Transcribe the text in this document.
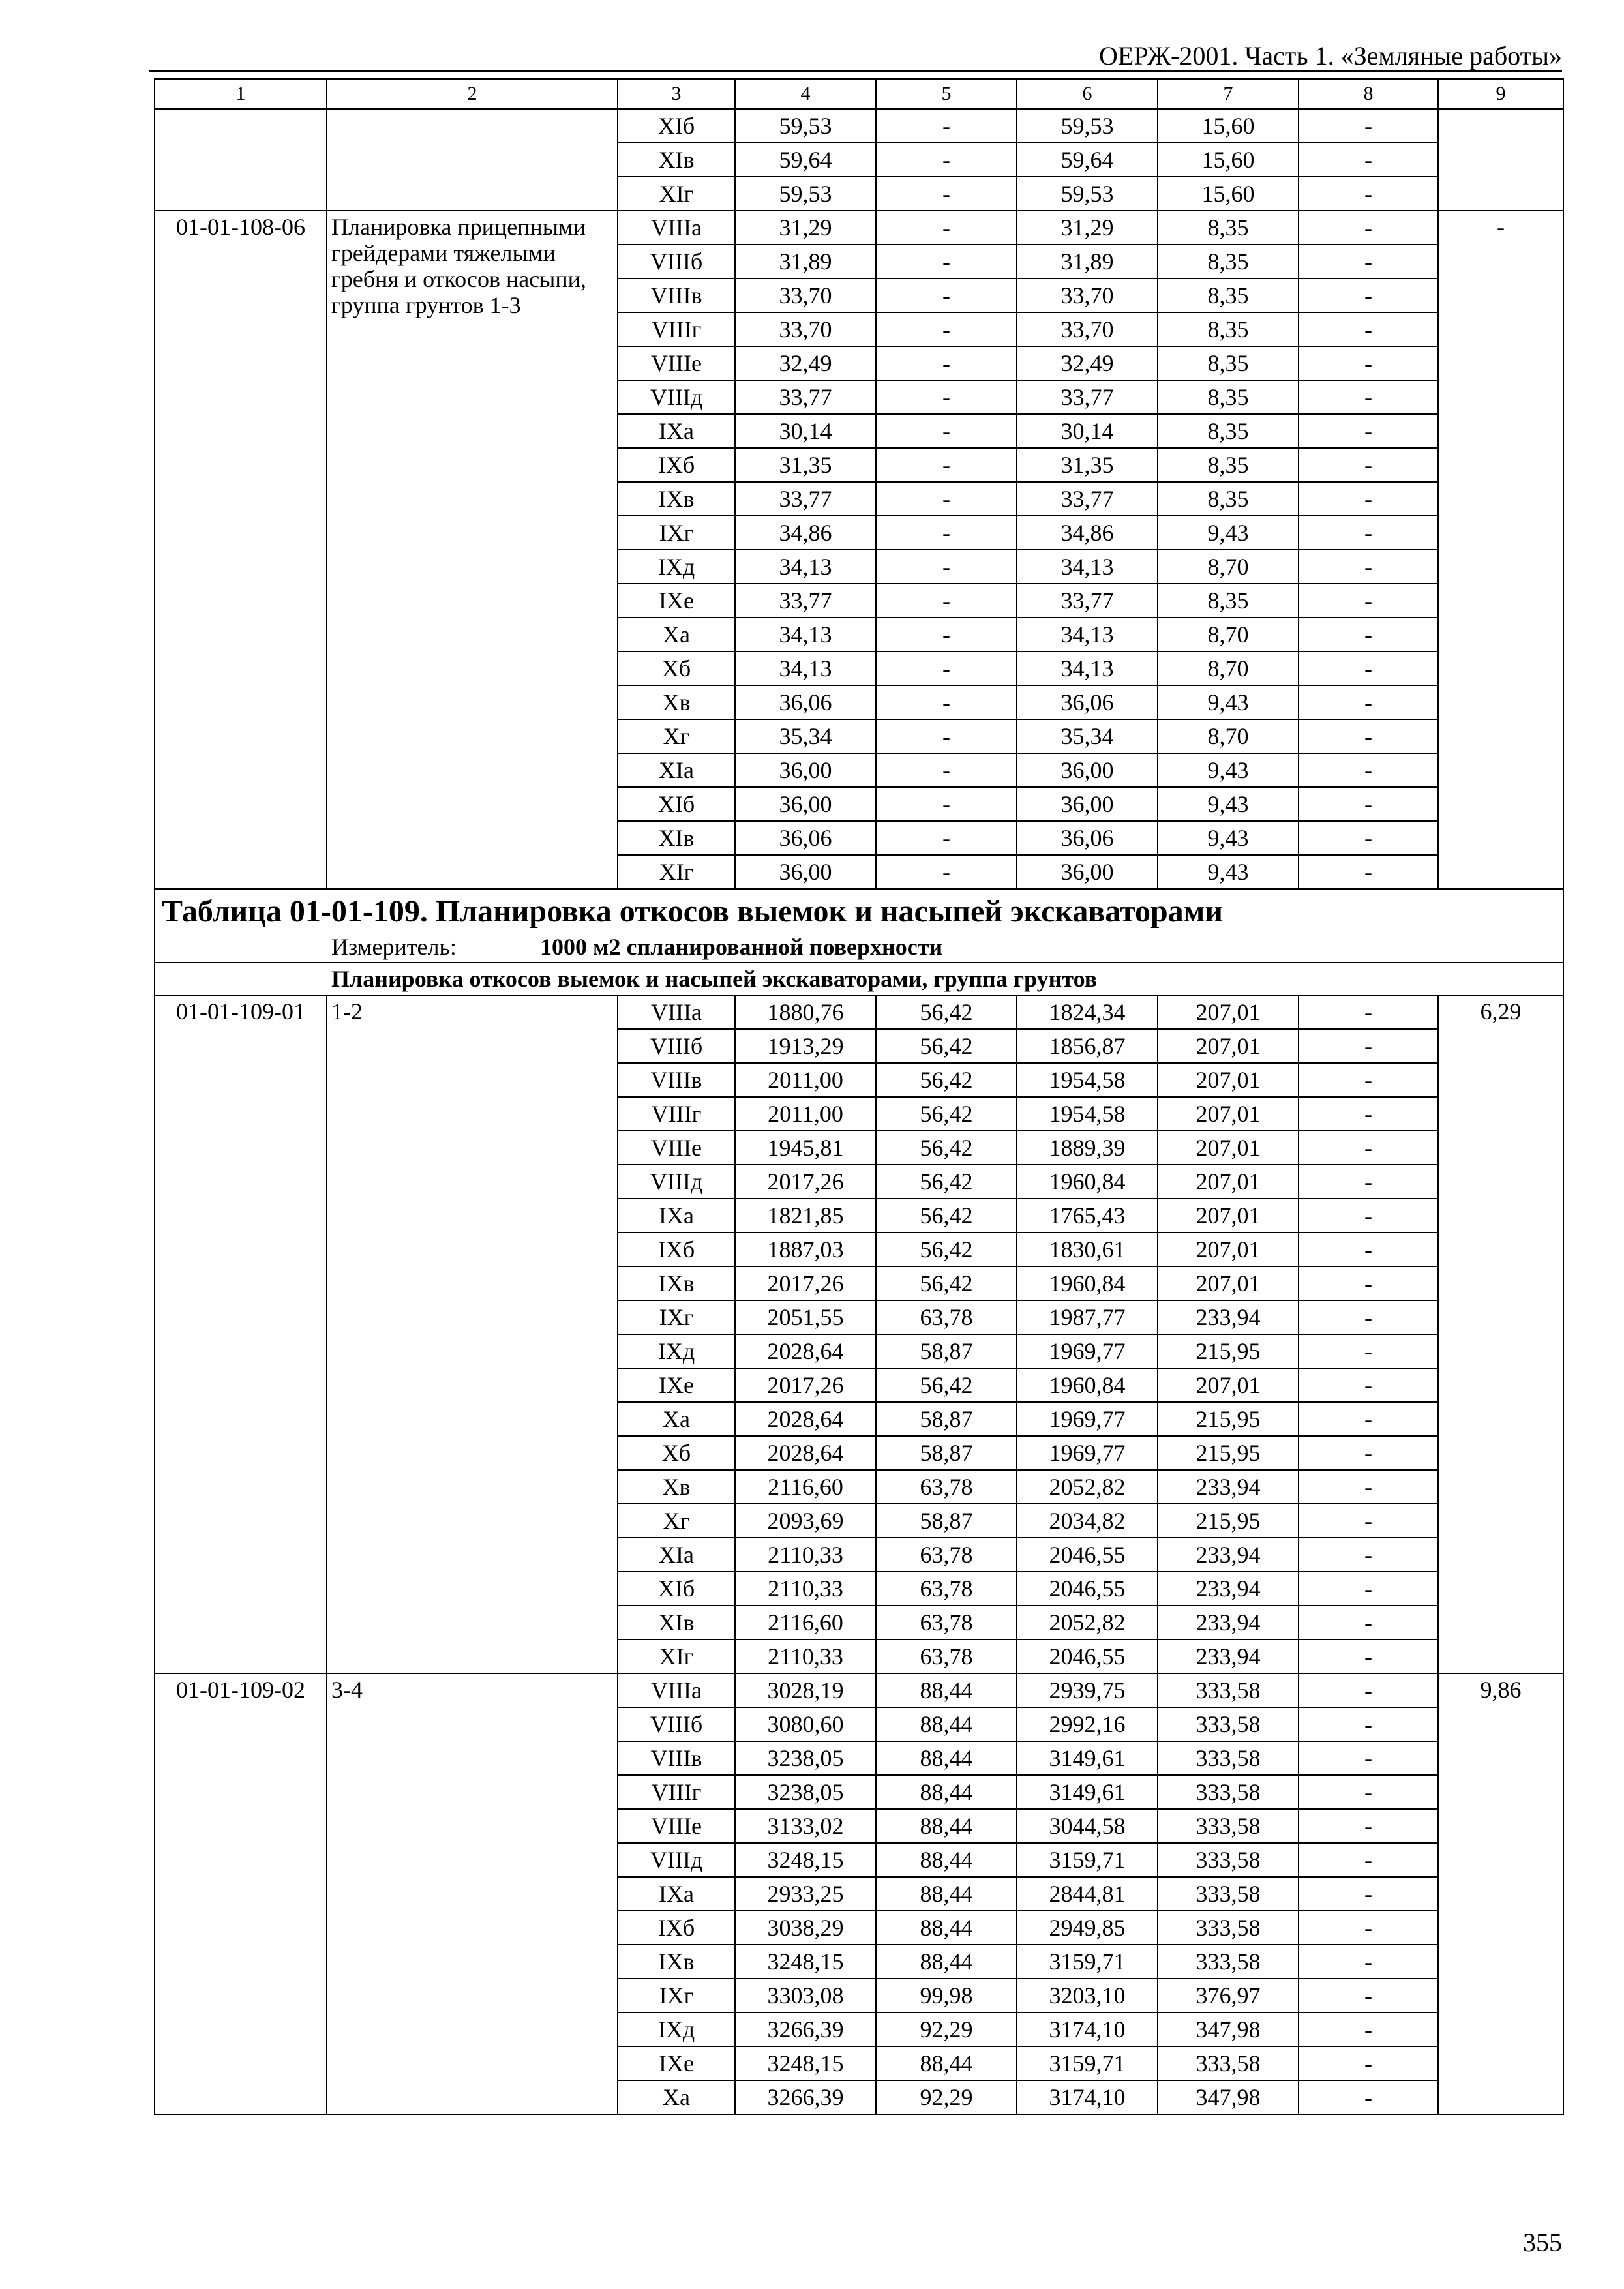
ОЕРЖ-2001. Часть 1. «Земляные работы»
1	2	3	4	5	6	7	8	9
		XIб	59,53	-	59,53	15,60	-	
		XIв	59,64	-	59,64	15,60	-	
		XIг	59,53	-	59,53	15,60	-	
01-01-108-06	Планировка прицепными грейдерами тяжелыми гребня и откосов насыпи, группа грунтов 1-3	VIIIа	31,29	-	31,29	8,35	-	-
		VIIIб	31,89	-	31,89	8,35	-	
		VIIIв	33,70	-	33,70	8,35	-	
		VIIIг	33,70	-	33,70	8,35	-	
		VIIIе	32,49	-	32,49	8,35	-	
		VIIIд	33,77	-	33,77	8,35	-	
		IXа	30,14	-	30,14	8,35	-	
		IXб	31,35	-	31,35	8,35	-	
		IXв	33,77	-	33,77	8,35	-	
		IXг	34,86	-	34,86	9,43	-	
		IXд	34,13	-	34,13	8,70	-	
		IXе	33,77	-	33,77	8,35	-	
		Xа	34,13	-	34,13	8,70	-	
		Xб	34,13	-	34,13	8,70	-	
		Xв	36,06	-	36,06	9,43	-	
		Xг	35,34	-	35,34	8,70	-	
		XIа	36,00	-	36,00	9,43	-	
		XIб	36,00	-	36,00	9,43	-	
		XIв	36,06	-	36,06	9,43	-	
		XIг	36,00	-	36,00	9,43	-	

Таблица 01-01-109. Планировка откосов выемок и насыпей экскаваторами
Измеритель: 1000 м2 спланированной поверхности								

Планировка откосов выемок и насыпей экскаваторами, группа грунтов								
01-01-109-01	1-2	VIIIа	1880,76	56,42	1824,34	207,01	-	6,29
		VIIIб	1913,29	56,42	1856,87	207,01	-	
		VIIIв	2011,00	56,42	1954,58	207,01	-	
		VIIIг	2011,00	56,42	1954,58	207,01	-	
		VIIIе	1945,81	56,42	1889,39	207,01	-	
		VIIIд	2017,26	56,42	1960,84	207,01	-	
		IXа	1821,85	56,42	1765,43	207,01	-	
		IXб	1887,03	56,42	1830,61	207,01	-	
		IXв	2017,26	56,42	1960,84	207,01	-	
		IXг	2051,55	63,78	1987,77	233,94	-	
		IXд	2028,64	58,87	1969,77	215,95	-	
		IXе	2017,26	56,42	1960,84	207,01	-	
		Xа	2028,64	58,87	1969,77	215,95	-	
		Xб	2028,64	58,87	1969,77	215,95	-	
		Xв	2116,60	63,78	2052,82	233,94	-	
		Xг	2093,69	58,87	2034,82	215,95	-	
		XIа	2110,33	63,78	2046,55	233,94	-	
		XIб	2110,33	63,78	2046,55	233,94	-	
		XIв	2116,60	63,78	2052,82	233,94	-	
		XIг	2110,33	63,78	2046,55	233,94	-	
01-01-109-02	3-4	VIIIа	3028,19	88,44	2939,75	333,58	-	9,86
		VIIIб	3080,60	88,44	2992,16	333,58	-	
		VIIIв	3238,05	88,44	3149,61	333,58	-	
		VIIIг	3238,05	88,44	3149,61	333,58	-	
		VIIIе	3133,02	88,44	3044,58	333,58	-	
		VIIIд	3248,15	88,44	3159,71	333,58	-	
		IXа	2933,25	88,44	2844,81	333,58	-	
		IXб	3038,29	88,44	2949,85	333,58	-	
		IXв	3248,15	88,44	3159,71	333,58	-	
		IXг	3303,08	99,98	3203,10	376,97	-	
		IXд	3266,39	92,29	3174,10	347,98	-	
		IXе	3248,15	88,44	3159,71	333,58	-	
		Xа	3266,39	92,29	3174,10	347,98	-	
355
